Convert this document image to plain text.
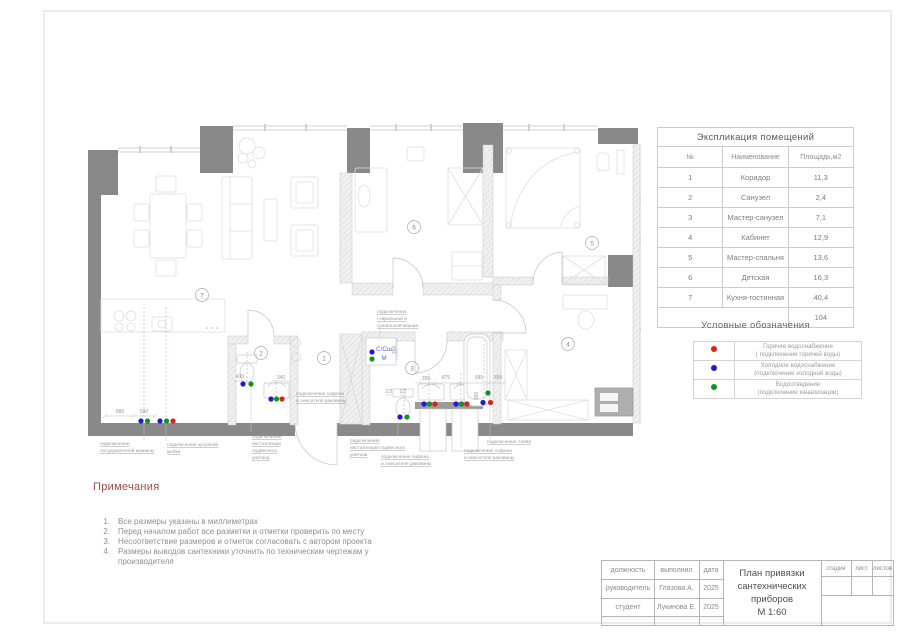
7
2
1
3
6
5
4
С/Сш
М
880	590
430	340	355 875	685 350
350
350
1/2 1/2
подключение
посудомоечной машины
подключение кухонной
мойки
подключение
инсталляции
подвесного
унитаза
подключение сифона
и смесителя раковины
подключение
стиральной и
сушильной машин
подключение
инсталляции подвесного
унитаза	подключение сифона
и смесителя раковины
подключение сифона
и смесителя раковины
подключение слива
Экспликация помещений		
№	Наименование	Площадь,м2
1	Коридор	11,3
2	Санузел	2,4
3	Мастер-санузел	7,1
4	Кабинет	12,9
5	Мастер-спальня	13,6
6	Детская	16,3
7	Кухня-гостинная	40,4
		104
Условные обозначения

Горячее водоснабжение
( подключение горячей воды)

Холодное водоснабжение
(подключение холодной воды)

Водоотведение
(подключение канализации)
Примечания
1. Все размеры указаны в миллиметрах
2. Перед началом работ все разметки и отметки проверить по месту
3. Несоответствие размеров и отметок согласовать с автором проекта
4. Размеры выводов сантехники уточнить по техническим чертежам у производителя
должность	выполнил	дата
руководитель	Глазова А.	2025
студент	Лукинова Е.	2025
План привязки
сантехнических
приборов
М 1:60
стадия	лист листов
